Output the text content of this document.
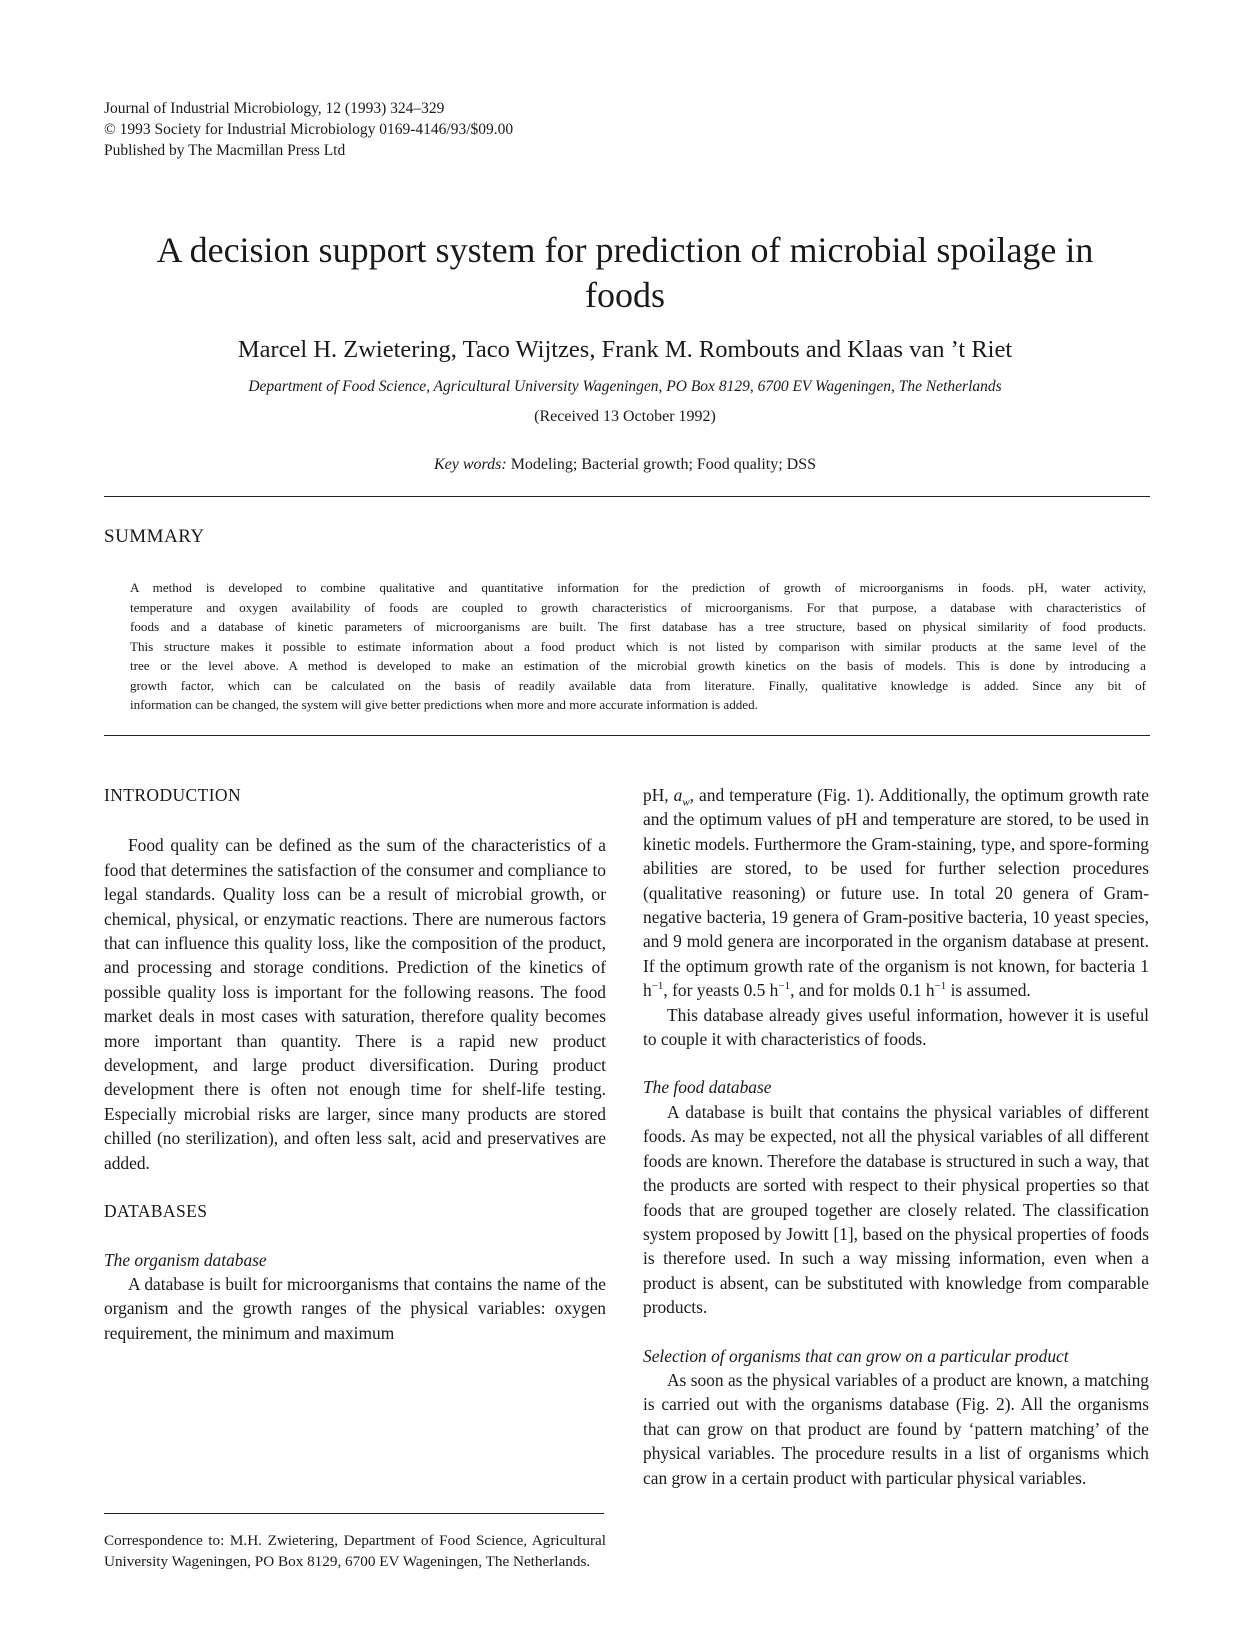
Journal of Industrial Microbiology, 12 (1993) 324–329
© 1993 Society for Industrial Microbiology 0169-4146/93/$09.00
Published by The Macmillan Press Ltd
A decision support system for prediction of microbial spoilage in
foods
Marcel H. Zwietering, Taco Wijtzes, Frank M. Rombouts and Klaas van ’t Riet
Department of Food Science, Agricultural University Wageningen, PO Box 8129, 6700 EV Wageningen, The Netherlands
(Received 13 October 1992)
Key words: Modeling; Bacterial growth; Food quality; DSS
SUMMARY
A method is developed to combine qualitative and quantitative information for the prediction of growth of microorganisms in foods. pH, water activity,
temperature and oxygen availability of foods are coupled to growth characteristics of microorganisms. For that purpose, a database with characteristics of
foods and a database of kinetic parameters of microorganisms are built. The first database has a tree structure, based on physical similarity of food products.
This structure makes it possible to estimate information about a food product which is not listed by comparison with similar products at the same level of the
tree or the level above. A method is developed to make an estimation of the microbial growth kinetics on the basis of models. This is done by introducing a
growth factor, which can be calculated on the basis of readily available data from literature. Finally, qualitative knowledge is added. Since any bit of
information can be changed, the system will give better predictions when more and more accurate information is added.

INTRODUCTION

Food quality can be defined as the sum of the characteristics of a food that determines the satisfaction of the consumer and compliance to legal standards. Quality loss can be a result of microbial growth, or chemical, physical, or enzymatic reactions. There are numerous factors that can influence this quality loss, like the composition of the product, and processing and storage conditions. Prediction of the kinetics of possible quality loss is important for the following reasons. The food market deals in most cases with saturation, therefore quality becomes more important than quantity. There is a rapid new product development, and large product diversification. During product development there is often not enough time for shelf-life testing. Especially microbial risks are larger, since many products are stored chilled (no sterilization), and often less salt, acid and preservatives are added.

DATABASES

The organism database

A database is built for microorganisms that contains the name of the organism and the growth ranges of the physical variables: oxygen requirement, the minimum and maximum

pH, $a_w$, and temperature (Fig. 1). Additionally, the optimum growth rate and the optimum values of pH and temperature are stored, to be used in kinetic models. Furthermore the Gram-staining, type, and spore-forming abilities are stored, to be used for further selection procedures (qualitative reasoning) or future use. In total 20 genera of Gram-negative bacteria, 19 genera of Gram-positive bacteria, 10 yeast species, and 9 mold genera are incorporated in the organism database at present. If the optimum growth rate of the organism is not known, for bacteria 1 $h^{-1}$, for yeasts 0.5 $h^{-1}$, and for molds 0.1 $h^{-1}$ is assumed.

This database already gives useful information, however it is useful to couple it with characteristics of foods.

The food database

A database is built that contains the physical variables of different foods. As may be expected, not all the physical variables of all different foods are known. Therefore the database is structured in such a way, that the products are sorted with respect to their physical properties so that foods that are grouped together are closely related. The classification system proposed by Jowitt [1], based on the physical properties of foods is therefore used. In such a way missing information, even when a product is absent, can be substituted with knowledge from comparable products.

Selection of organisms that can grow on a particular product

As soon as the physical variables of a product are known, a matching is carried out with the organisms database (Fig. 2). All the organisms that can grow on that product are found by ‘pattern matching’ of the physical variables. The procedure results in a list of organisms which can grow in a certain product with particular physical variables.

Correspondence to: M.H. Zwietering, Department of Food Science, Agricultural University Wageningen, PO Box 8129, 6700 EV Wageningen, The Netherlands.
